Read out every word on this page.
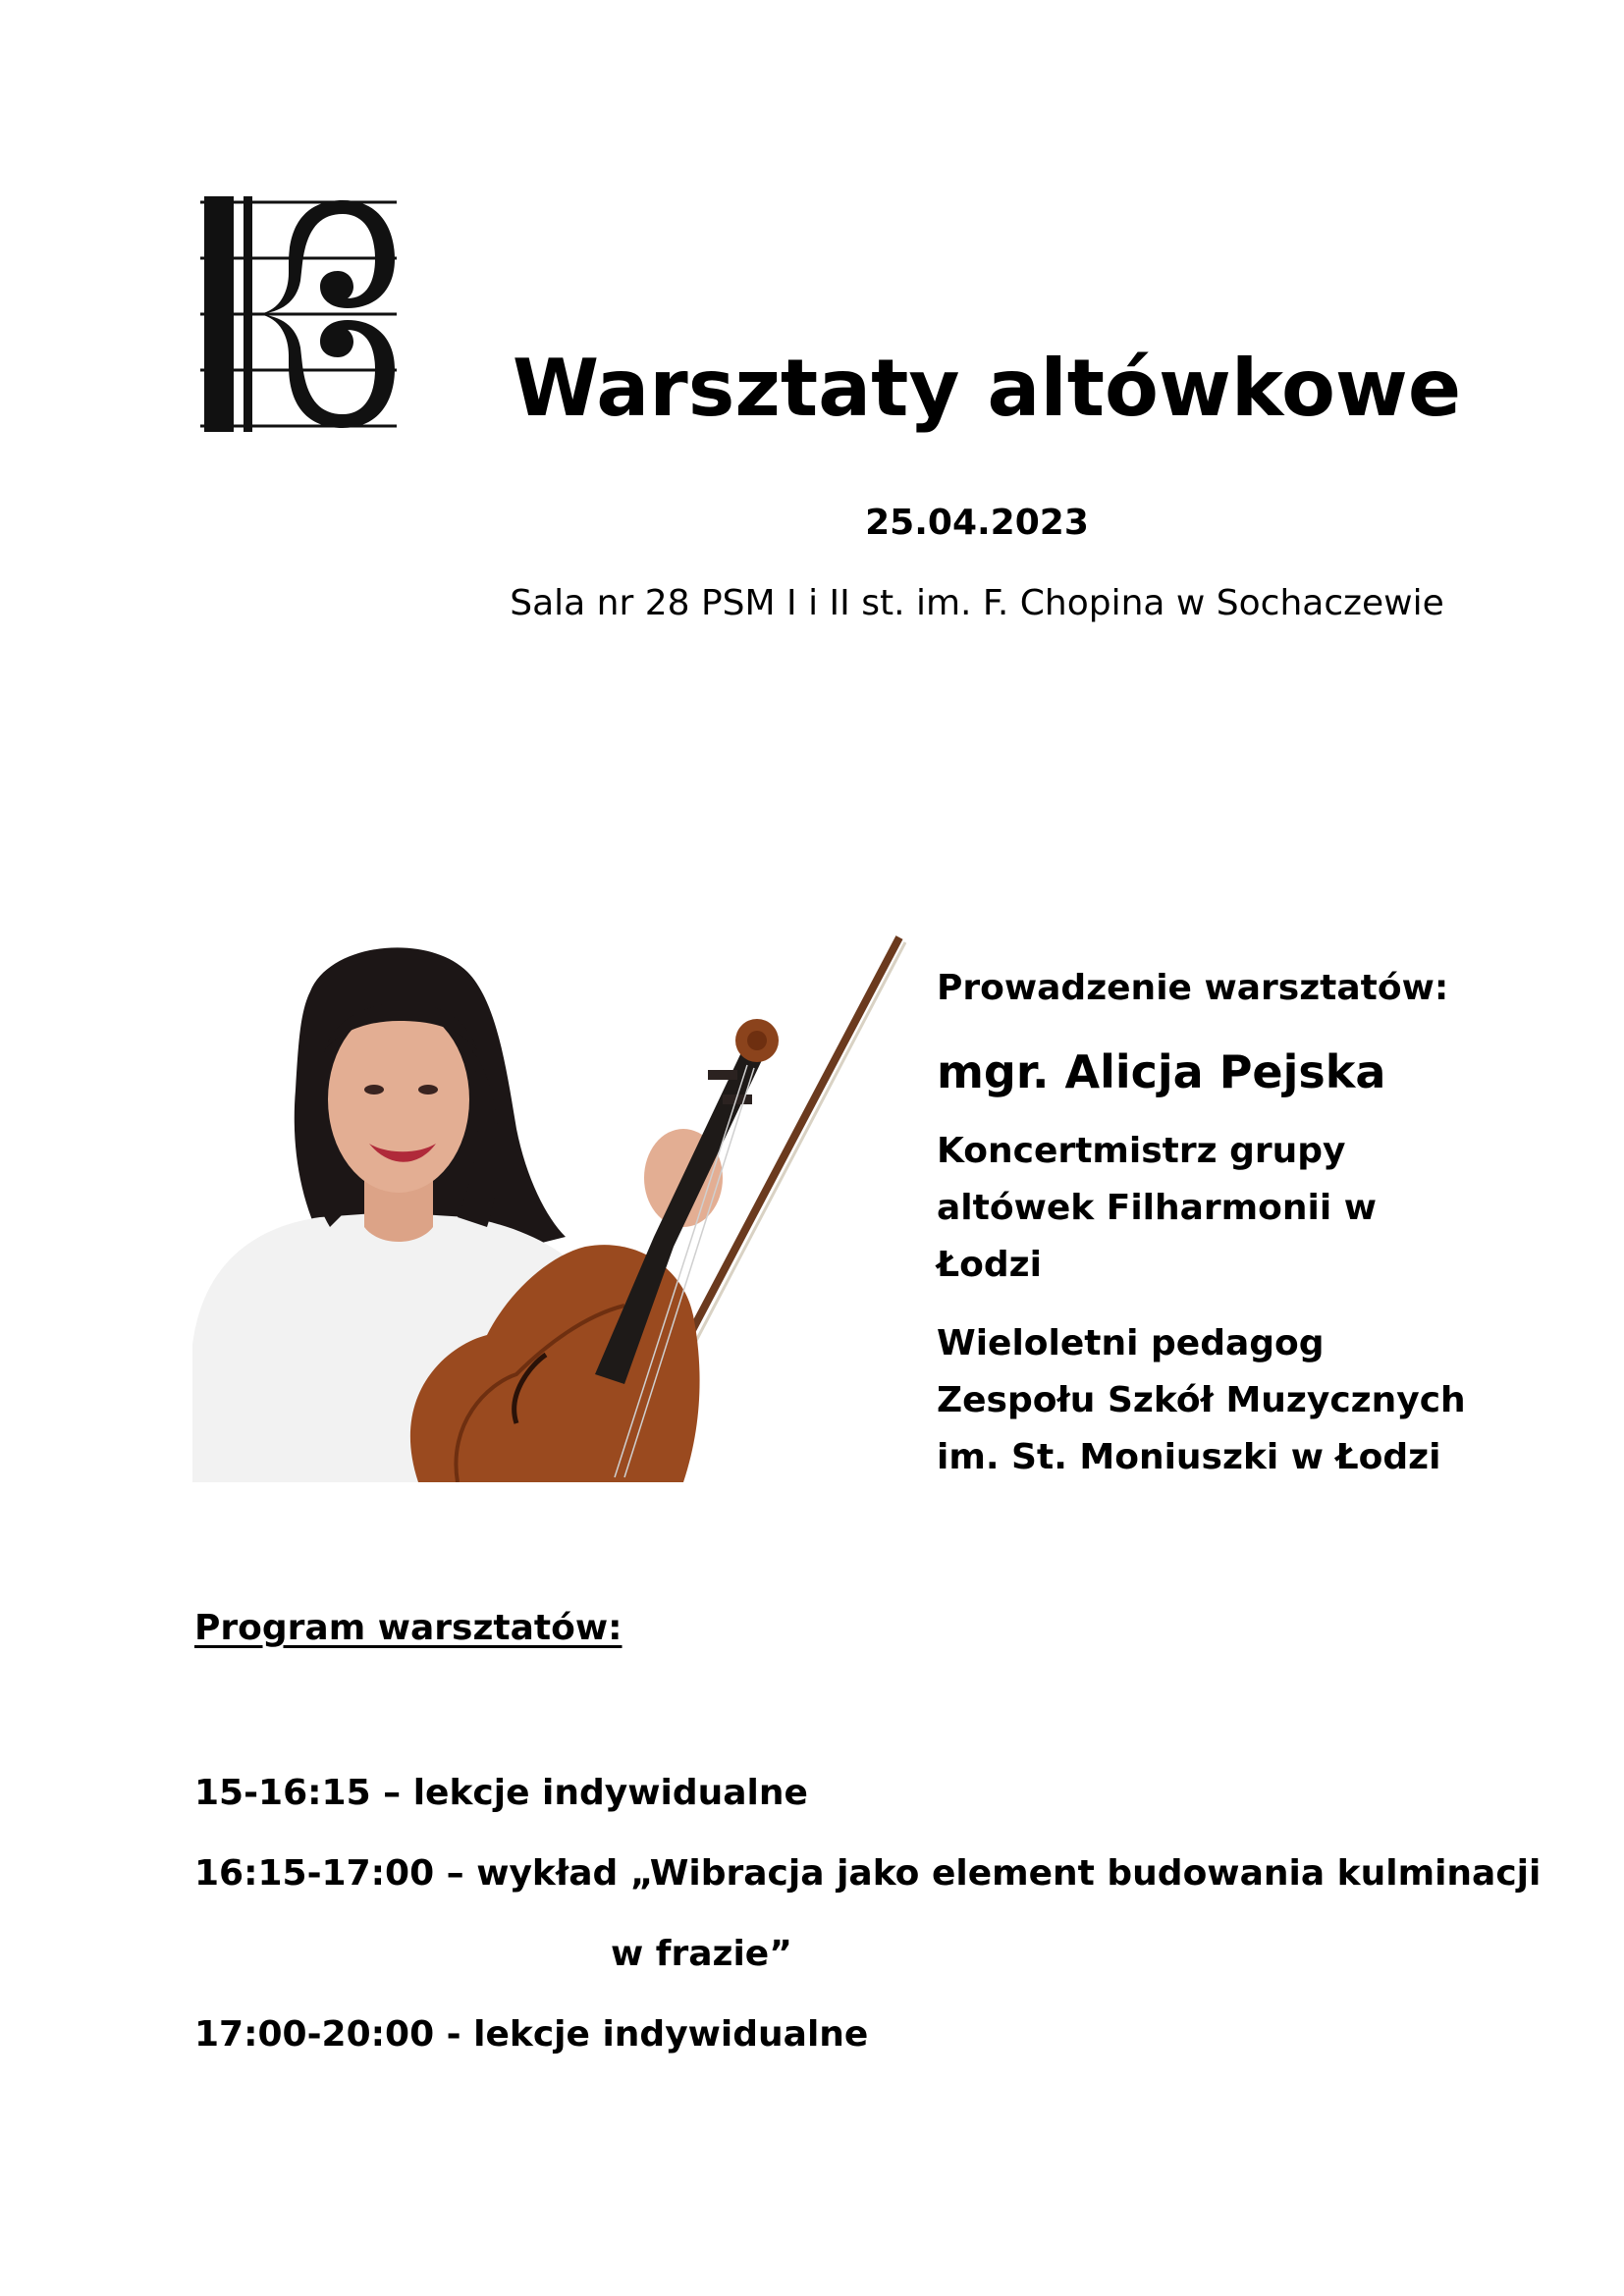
Warsztaty altówkowe
25.04.2023
Sala nr 28 PSM I i II st. im. F. Chopina w Sochaczewie
Prowadzenie warsztatów:
mgr. Alicja Pejska
Koncertmistrz grupy
altówek Filharmonii w
Łodzi
Wieloletni pedagog
Zespołu Szkół Muzycznych
im. St. Moniuszki w Łodzi
Program warsztatów:
15-16:15 – lekcje indywidualne
16:15-17:00 – wykład „Wibracja jako element budowania kulminacji
w frazie”
17:00-20:00 - lekcje indywidualne
